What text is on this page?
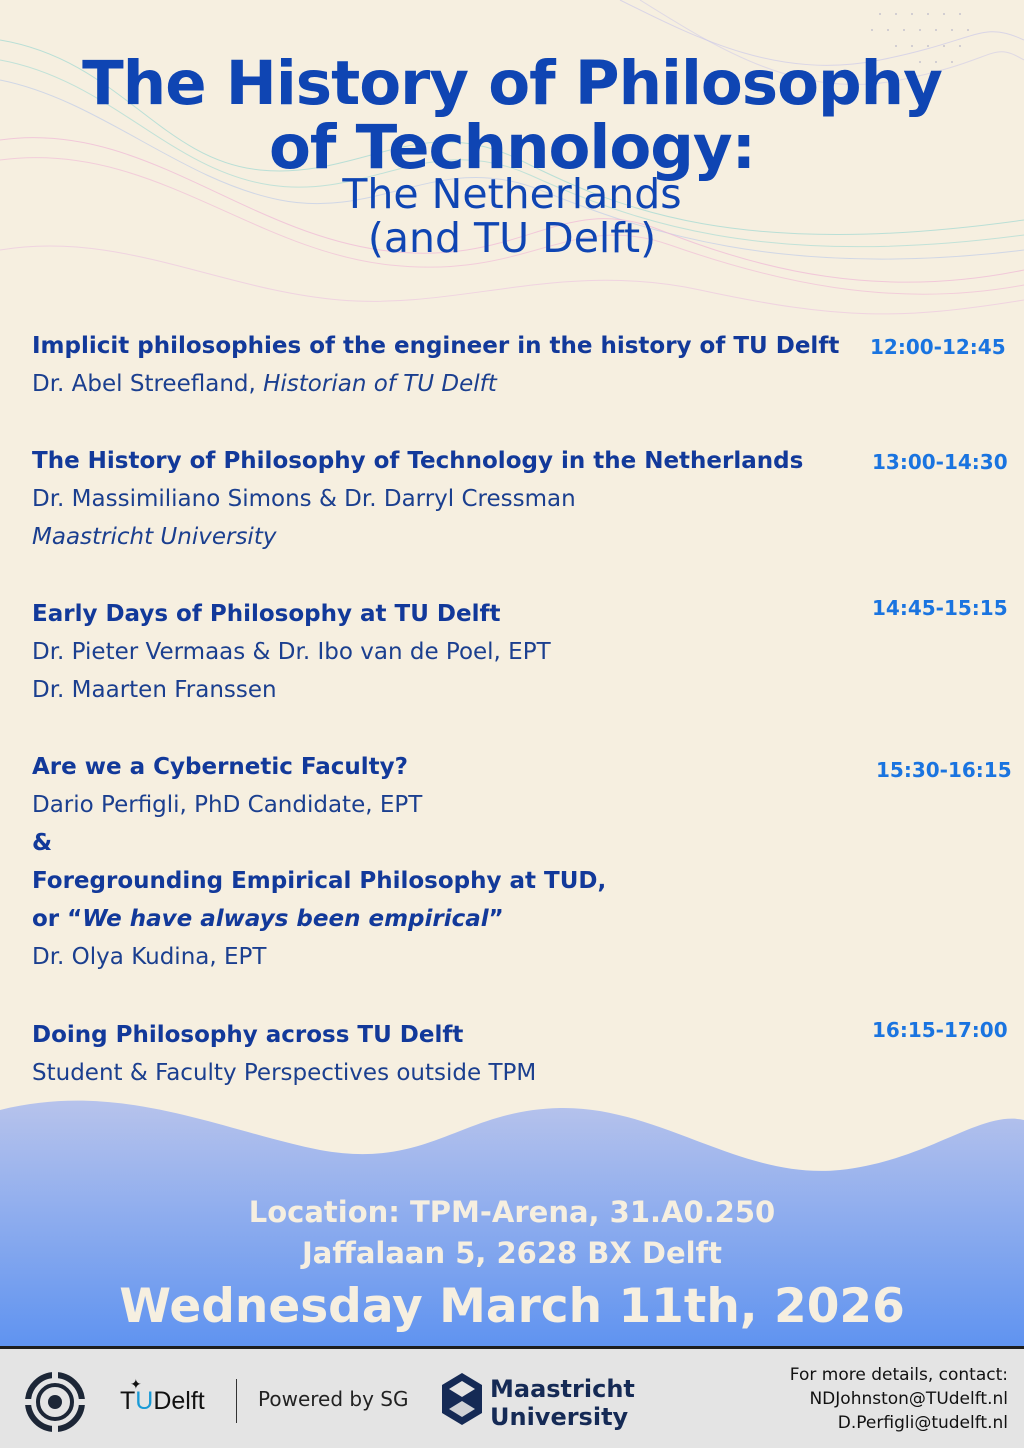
The History of Philosophy
of Technology:
The Netherlands
(and TU Delft)
Implicit philosophies of the engineer in the history of TU Delft
Dr. Abel Streefland, Historian of TU Delft
12:00-12:45
The History of Philosophy of Technology in the Netherlands
Dr. Massimiliano Simons & Dr. Darryl Cressman
Maastricht University
13:00-14:30
Early Days of Philosophy at TU Delft
Dr. Pieter Vermaas & Dr. Ibo van de Poel, EPT
Dr. Maarten Franssen
14:45-15:15
Are we a Cybernetic Faculty?
Dario Perfigli, PhD Candidate, EPT
&
Foregrounding Empirical Philosophy at TUD,
or “We have always been empirical”
Dr. Olya Kudina, EPT
15:30-16:15
Doing Philosophy across TU Delft
Student & Faculty Perspectives outside TPM
16:15-17:00
Location: TPM-Arena, 31.A0.250
Jaffalaan 5, 2628 BX Delft
Wednesday March 11th, 2026
✦
TUDelft	Powered by SG	Maastricht
University
For more details, contact:
NDJohnston@TUdelft.nl
D.Perfigli@tudelft.nl
